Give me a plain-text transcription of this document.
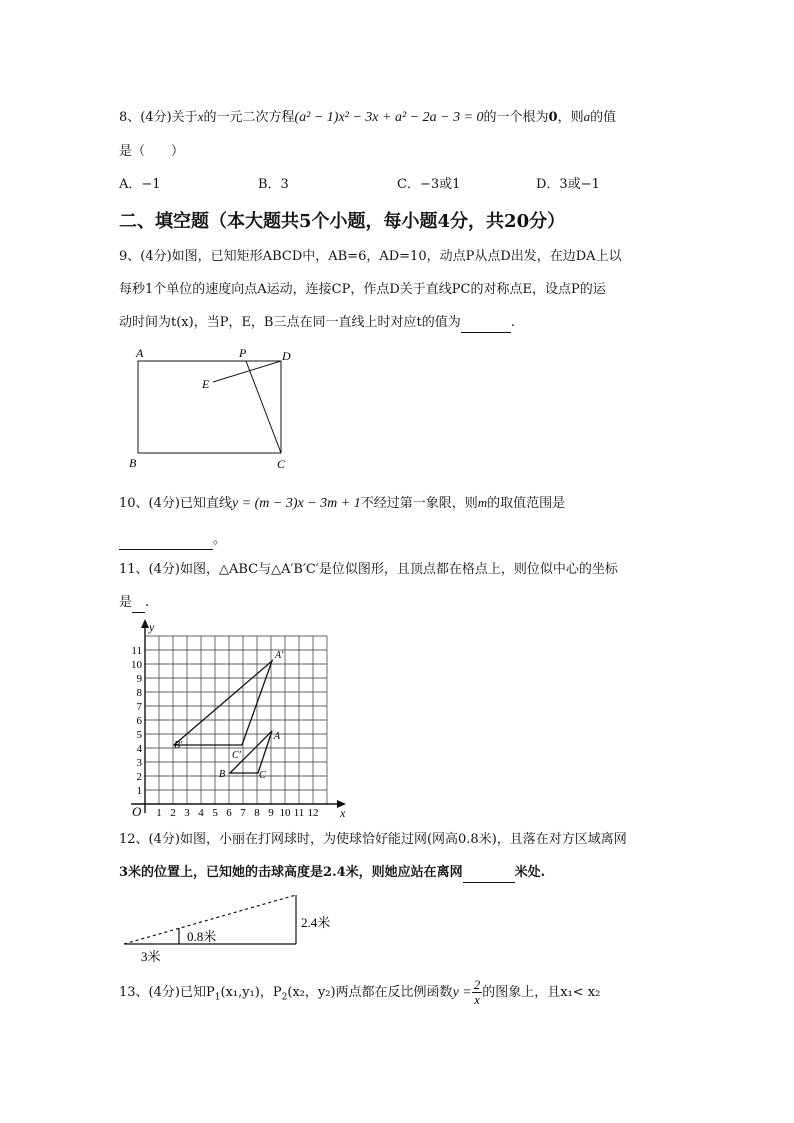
8、(4分)关于x的一元二次方程(a² − 1)x² − 3x + a² − 2a − 3 = 0的一个根为0，则a的值
是（　　）
A．−1	B．3	C．−3或1	D．3或−1
二、填空题（本大题共5个小题，每小题4分，共20分）
9、(4分)如图，已知矩形ABCD中，AB=6，AD=10，动点P从点D出发，在边DA上以
每秒1个单位的速度向点A运动，连接CP，作点D关于直线PC的对称点E，设点P的运
动时间为t(x)，当P，E，B三点在同一直线上时对应t的值为	.
A	P	D
E
B	C
10、(4分)已知直线y = (m − 3)x − 3m + 1不经过第一象限，则m的取值范围是
。
11、(4分)如图，△ABC与△A′B′C′是位似图形，且顶点都在格点上，则位似中心的坐标
是 .
x
y
O 1 2 3 4 5 6 7 8 9 10 11 12
1
2
3
4
5
6
7
8
9
10
11	A′
B′
C′
A
B	C
12、(4分)如图，小丽在打网球时，为使球恰好能过网(网高0.8米)，且落在对方区域离网
3米的位置上，已知她的击球高度是2.4米，则她应站在离网	米处.
0.8米
2.4米
3米
13、(4分)已知$P_1(x_1,y_1)$，$P_2(x_2$，y₂)两点都在反比例函数$y = \frac{2}{x}$ 的图象上，且x₁< x₂
